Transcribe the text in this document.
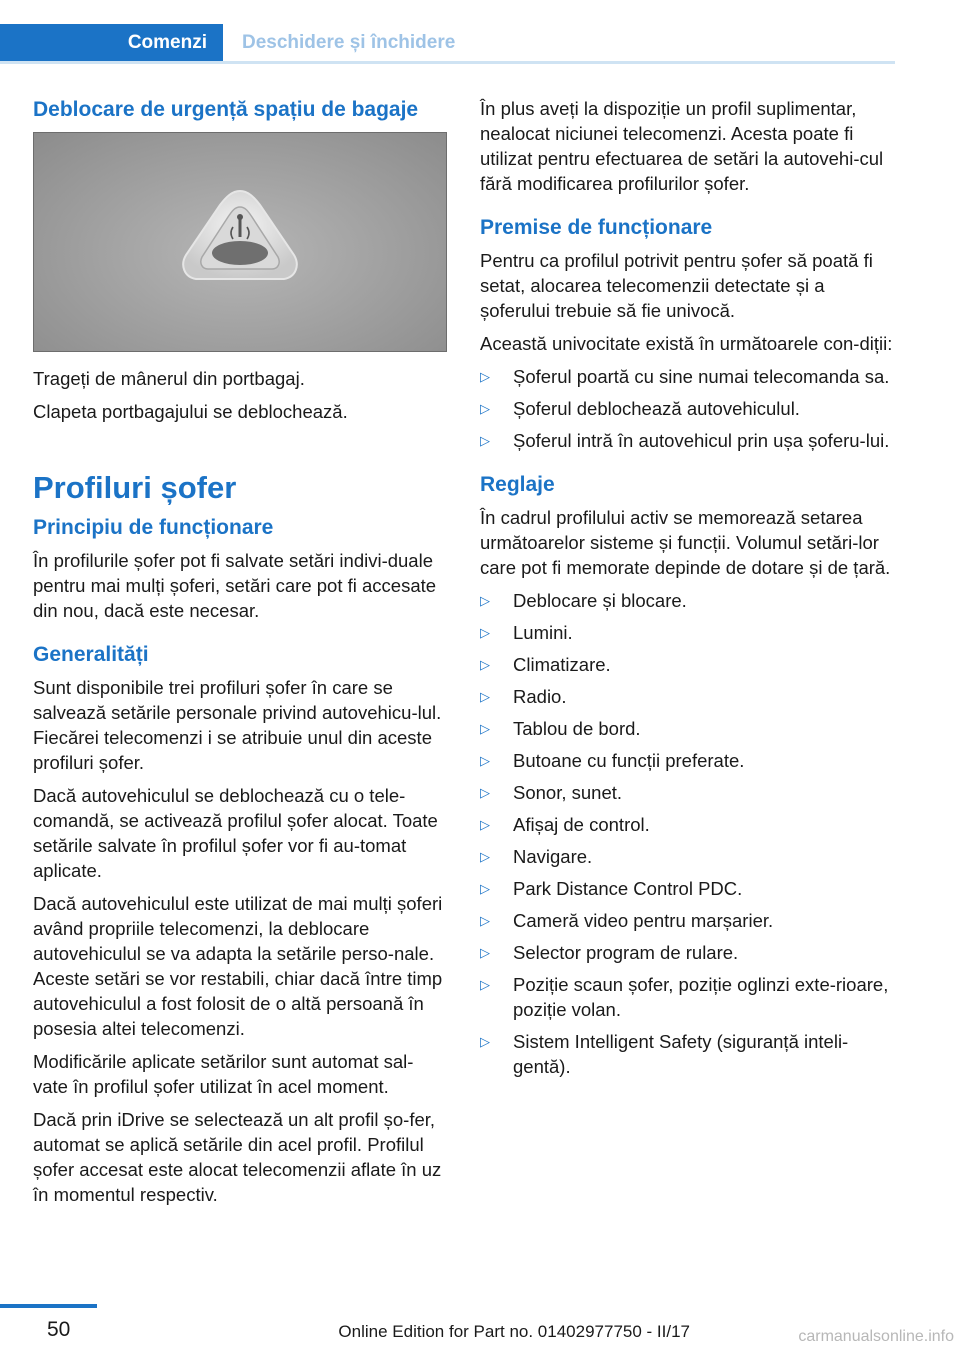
Comenzi	Deschidere și închidere
Deblocare de urgență spațiu de bagaje

Trageți de mânerul din portbagaj.

Clapeta portbagajului se deblochează.

Profiluri șofer
Principiu de funcționare

În profilurile șofer pot fi salvate setări indivi-duale pentru mai mulți șoferi, setări care pot fi accesate din nou, dacă este necesar.

Generalități

Sunt disponibile trei profiluri șofer în care se salvează setările personale privind autovehicu-lul. Fiecărei telecomenzi i se atribuie unul din aceste profiluri șofer.

Dacă autovehiculul se deblochează cu o tele-comandă, se activează profilul șofer alocat. Toate setările salvate în profilul șofer vor fi au-tomat aplicate.

Dacă autovehiculul este utilizat de mai mulți șoferi având propriile telecomenzi, la deblocare autovehiculul se va adapta la setările perso-nale. Aceste setări se vor restabili, chiar dacă între timp autovehiculul a fost folosit de o altă persoană în posesia altei telecomenzi.

Modificările aplicate setărilor sunt automat sal-vate în profilul șofer utilizat în acel moment.

Dacă prin iDrive se selectează un alt profil șo-fer, automat se aplică setările din acel profil. Profilul șofer accesat este alocat telecomenzii aflate în uz în momentul respectiv.

În plus aveți la dispoziție un profil suplimentar, nealocat niciunei telecomenzi. Acesta poate fi utilizat pentru efectuarea de setări la autovehi-cul fără modificarea profilurilor șofer.

Premise de funcționare

Pentru ca profilul potrivit pentru șofer să poată fi setat, alocarea telecomenzii detectate și a șoferului trebuie să fie univocă.

Această univocitate există în următoarele con-diții:

▷ Șoferul poartă cu sine numai telecomanda sa.
▷ Șoferul deblochează autovehiculul.
▷ Șoferul intră în autovehicul prin ușa șoferu-lui.
Reglaje

În cadrul profilului activ se memorează setarea următoarelor sisteme și funcții. Volumul setări-lor care pot fi memorate depinde de dotare și de țară.

▷ Deblocare și blocare.
▷ Lumini.
▷ Climatizare.
▷ Radio.
▷ Tablou de bord.
▷ Butoane cu funcții preferate.
▷ Sonor, sunet.
▷ Afișaj de control.
▷ Navigare.
▷ Park Distance Control PDC.
▷ Cameră video pentru marșarier.
▷ Selector program de rulare.
▷ Poziție scaun șofer, poziție oglinzi exte-rioare, poziție volan.
▷ Sistem Intelligent Safety (siguranță inteli-gentă).
50	Online Edition for Part no. 01402977750 - II/17	carmanualsonline.info
